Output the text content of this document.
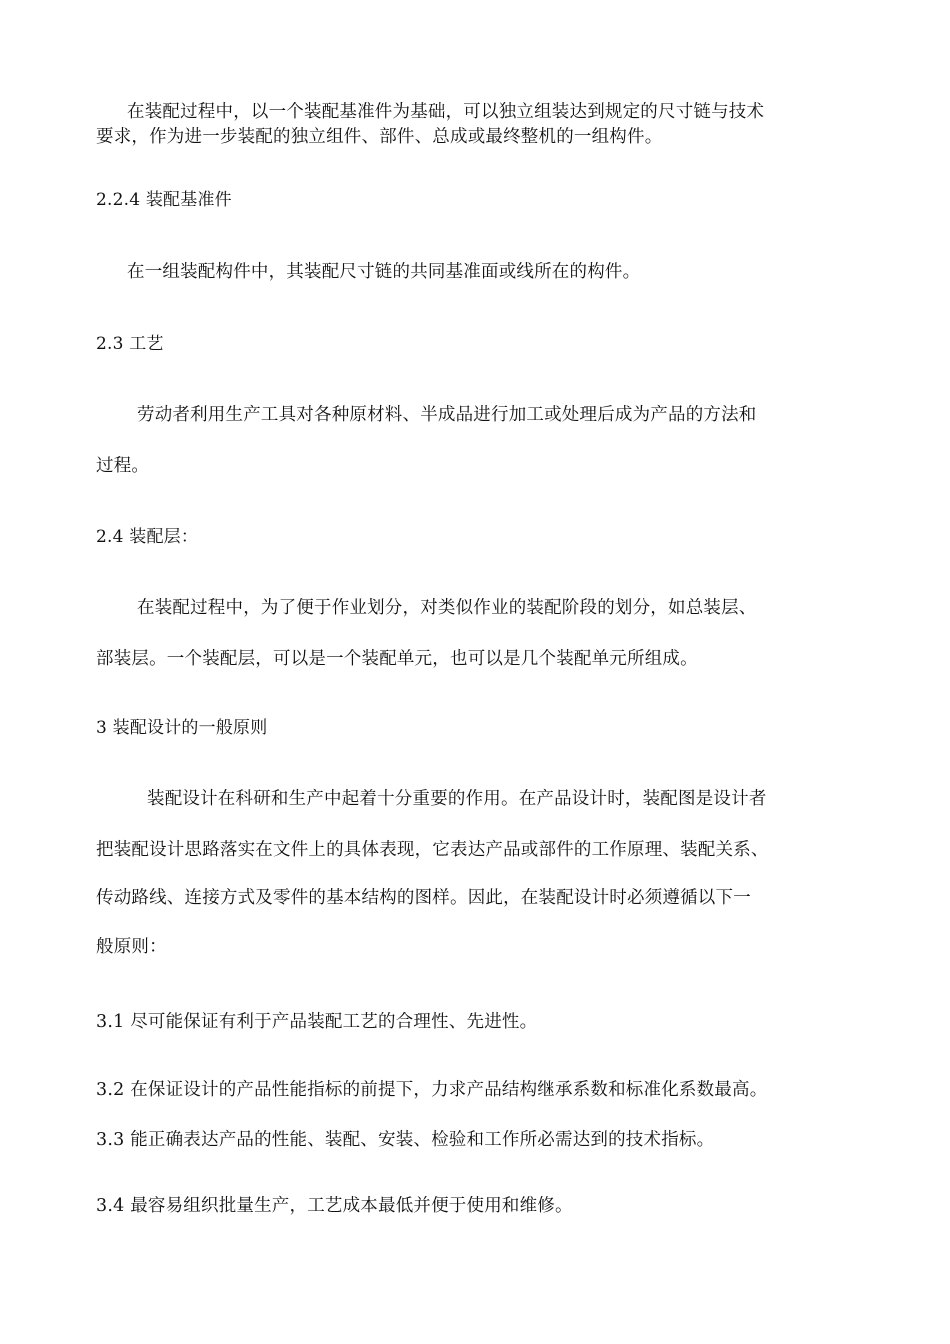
在装配过程中，以一个装配基准件为基础，可以独立组装达到规定的尺寸链与技术
要求，作为进一步装配的独立组件、部件、总成或最终整机的一组构件。
2.2.4 装配基准件
在一组装配构件中，其装配尺寸链的共同基准面或线所在的构件。
2.3 工艺
劳动者利用生产工具对各种原材料、半成品进行加工或处理后成为产品的方法和
过程。
2.4 装配层：
在装配过程中，为了便于作业划分，对类似作业的装配阶段的划分，如总装层、
部装层。一个装配层，可以是一个装配单元，也可以是几个装配单元所组成。
3 装配设计的一般原则
装配设计在科研和生产中起着十分重要的作用。在产品设计时，装配图是设计者
把装配设计思路落实在文件上的具体表现，它表达产品或部件的工作原理、装配关系、
传动路线、连接方式及零件的基本结构的图样。因此，在装配设计时必须遵循以下一
般原则：
3.1 尽可能保证有利于产品装配工艺的合理性、先进性。
3.2 在保证设计的产品性能指标的前提下，力求产品结构继承系数和标准化系数最高。
3.3 能正确表达产品的性能、装配、安装、检验和工作所必需达到的技术指标。
3.4 最容易组织批量生产，工艺成本最低并便于使用和维修。
